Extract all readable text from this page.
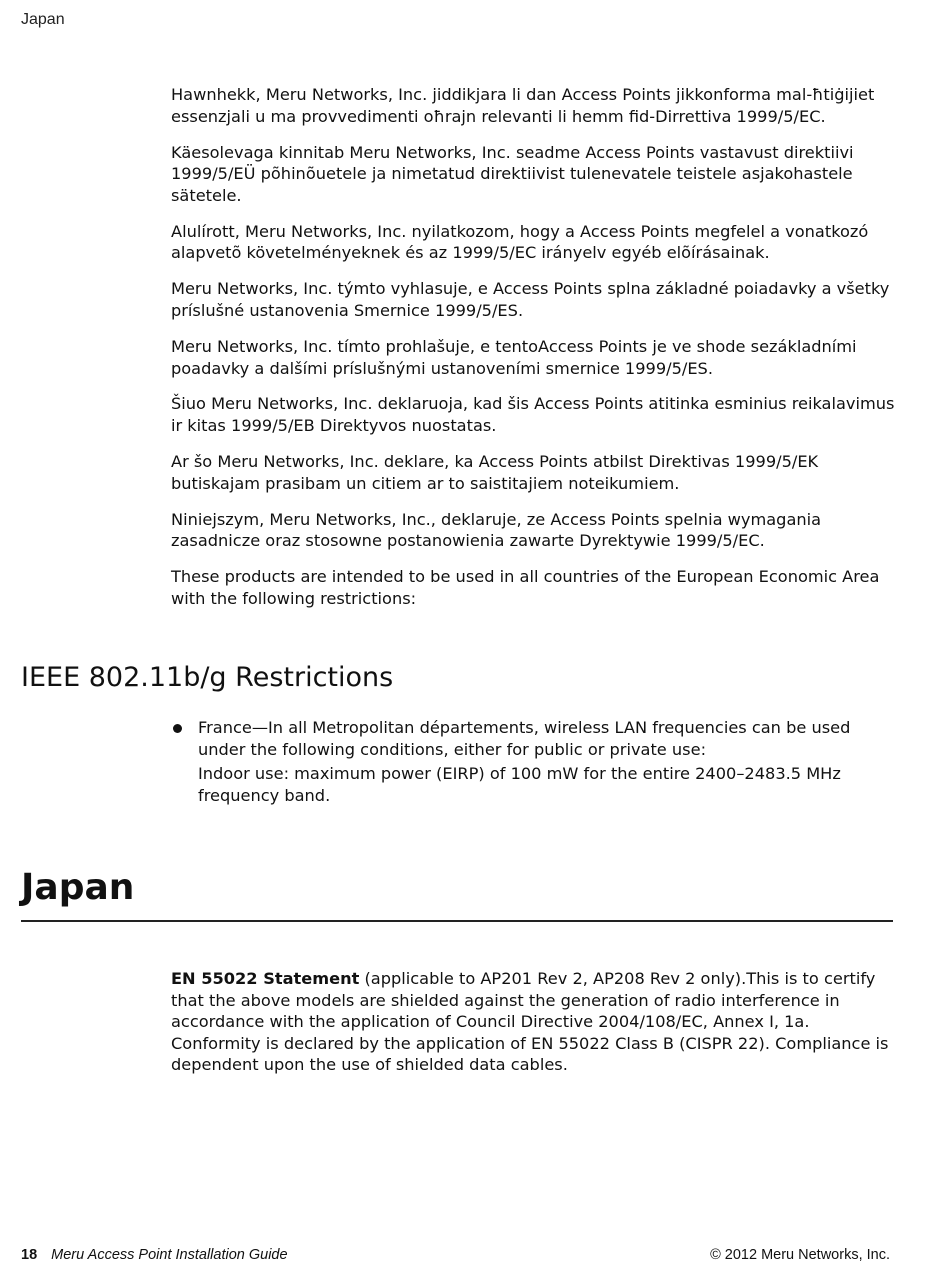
Japan

Hawnhekk, Meru Networks, Inc. jiddikjara li dan Access Points jikkonforma mal-ħtiġijiet essenzjali u ma provvedimenti oħrajn relevanti li hemm fid-Dirrettiva 1999/5/EC.

Käesolevaga kinnitab Meru Networks, Inc. seadme Access Points vastavust direktiivi 1999/5/EÜ põhinõuetele ja nimetatud direktiivist tulenevatele teistele asjakohastele sätetele.

Alulírott, Meru Networks, Inc. nyilatkozom, hogy a Access Points megfelel a vonatkozó alapvetõ követelményeknek és az 1999/5/EC irányelv egyéb elõírásainak.

Meru Networks, Inc. týmto vyhlasuje, e Access Points splna základné poiadavky a všetky príslušné ustanovenia Smernice 1999/5/ES.

Meru Networks, Inc. tímto prohlašuje, e tentoAccess Points je ve shode sezákladními poadavky a dalšími príslušnými ustanoveními smernice 1999/5/ES.

Šiuo Meru Networks, Inc. deklaruoja, kad šis Access Points atitinka esminius reikalavimus ir kitas 1999/5/EB Direktyvos nuostatas.

Ar šo Meru Networks, Inc. deklare, ka Access Points atbilst Direktivas 1999/5/EK butiskajam prasibam un citiem ar to saistitajiem noteikumiem.

Niniejszym, Meru Networks, Inc., deklaruje, ze Access Points spelnia wymagania zasadnicze oraz stosowne postanowienia zawarte Dyrektywie 1999/5/EC.

These products are intended to be used in all countries of the European Economic Area with the following restrictions:

IEEE 802.11b/g Restrictions

France—In all Metropolitan départements, wireless LAN frequencies can be used under the following conditions, either for public or private use:

Indoor use: maximum power (EIRP) of 100 mW for the entire 2400–2483.5 MHz frequency band.

Japan

EN 55022 Statement (applicable to AP201 Rev 2, AP208 Rev 2 only).This is to certify that the above models are shielded against the generation of radio interference in accordance with the application of Council Directive 2004/108/EC, Annex I, 1a. Conformity is declared by the application of EN 55022 Class B (CISPR 22). Compliance is dependent upon the use of shielded data cables.

18 Meru Access Point Installation Guide	© 2012 Meru Networks, Inc.
